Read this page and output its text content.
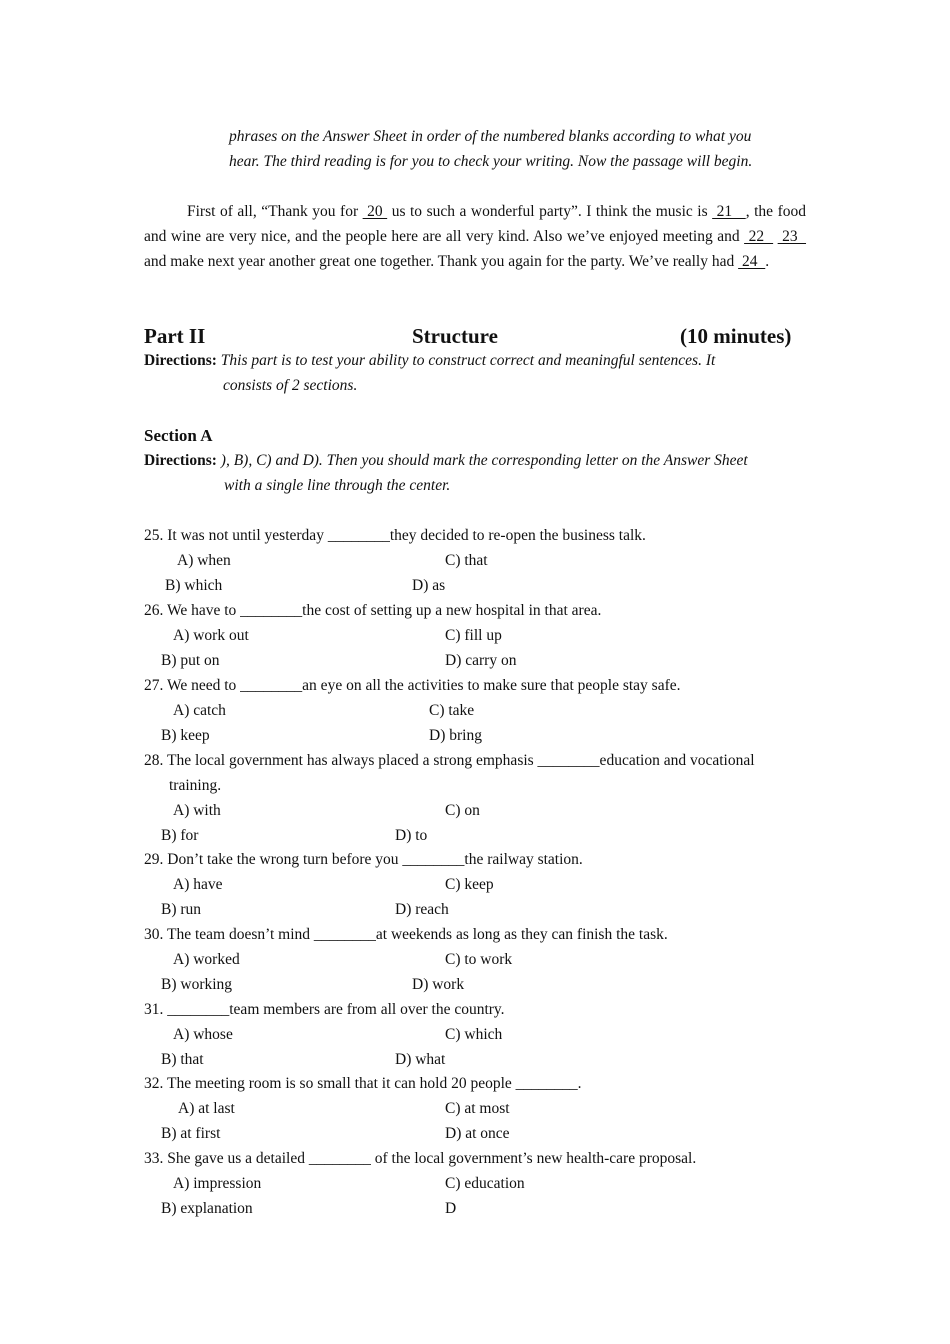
phrases on the Answer Sheet in order of the numbered blanks according to what you
hear. The third reading is for you to check your writing. Now the passage will begin.
First of all, “Thank you for  20  us to such a wonderful party”. I think the music is  21   , the food and wine are very nice, and the people here are all very kind. Also we’ve enjoyed meeting and  22    23   and make next year another great one together. Thank you again for the party. We’ve really had  24  .
Part II	Structure	(10 minutes)
Directions: This part is to test your ability to construct correct and meaningful sentences. It
consists of 2 sections.
Section A
Directions: ), B), C) and D). Then you should mark the corresponding letter on the Answer Sheet
with a single line through the center.
25. It was not until yesterday ________they decided to re-open the business talk.
A) when	C) that
B) which	D) as
26. We have to ________the cost of setting up a new hospital in that area.
A) work out	C) fill up
B) put on	D) carry on
27. We need to ________an eye on all the activities to make sure that people stay safe.
A) catch	C) take
B) keep	D) bring
28. The local government has always placed a strong emphasis ________education and vocational
training.
A) with	C) on
B) for	D) to
29. Don’t take the wrong turn before you ________the railway station.
A) have	C) keep
B) run	D) reach
30. The team doesn’t mind ________at weekends as long as they can finish the task.
A) worked	C) to work
B) working	D) work
31. ________team members are from all over the country.
A) whose	C) which
B) that	D) what
32. The meeting room is so small that it can hold 20 people ________.
A) at last	C) at most
B) at first	D) at once
33. She gave us a detailed ________ of the local government’s new health-care proposal.
A) impression	C) education
B) explanation	D
